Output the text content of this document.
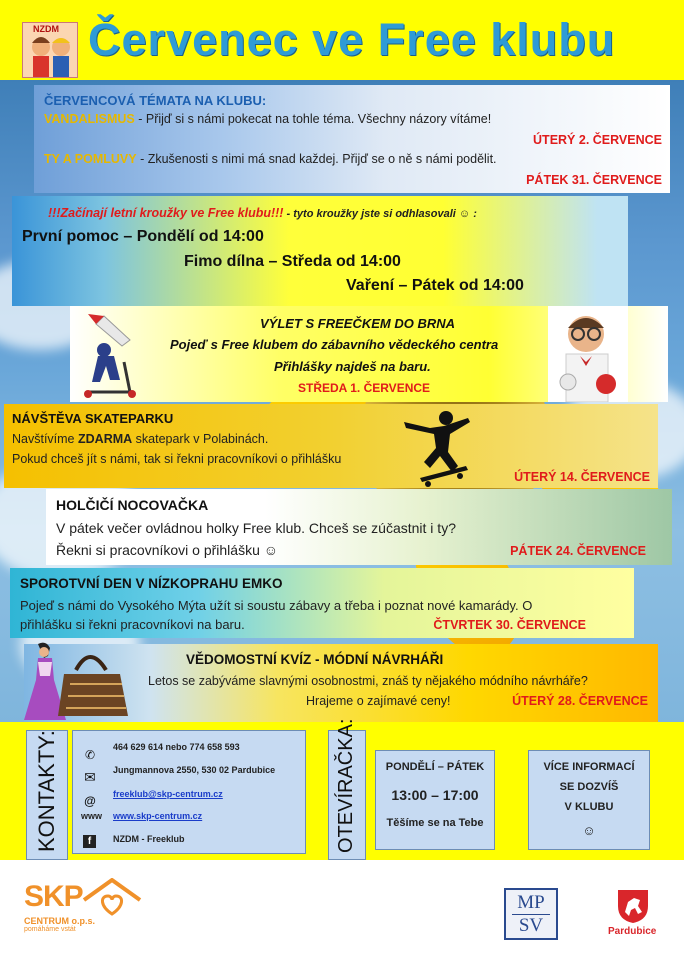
NZDM Červenec ve Free klubu
ČERVENCOVÁ TÉMATA NA KLUBU:
VANDALISMUS - Přijď si s námi pokecat na tohle téma. Všechny názory vítáme!
ÚTERÝ 2. ČERVENCE
TY A POMLUVY - Zkušenosti s nimi má snad každej. Přijď se o ně s námi podělit.
PÁTEK 31. ČERVENCE
!!!Začínají letní kroužky ve Free klubu!!! - tyto kroužky jste si odhlasovali ☺ :
První pomoc – Pondělí od 14:00
Fimo dílna – Středa od 14:00
Vaření – Pátek od 14:00
VÝLET S FREEČKEM DO BRNA
Pojeď s Free klubem do zábavního vědeckého centra
Přihlášky najdeš na baru.
STŘEDA 1. ČERVENCE
NÁVŠTĚVA SKATEPARKU
Navštívíme ZDARMA skatepark v Polabinách.
Pokud chceš jít s námi, tak si řekni pracovníkovi o přihlášku
ÚTERÝ 14. ČERVENCE
HOLČIČÍ NOCOVAČKA
V pátek večer ovládnou holky Free klub. Chceš se zúčastnit i ty?
Řekni si pracovníkovi o přihlášku ☺	PÁTEK 24. ČERVENCE
SPOROTVNÍ DEN V NÍZKOPRAHU EMKO
Pojeď s námi do Vysokého Mýta užít si soustu zábavy a třeba i poznat nové kamarády. O
přihlášku si řekni pracovníkovi na baru.	ČTVRTEK 30. ČERVENCE
VĚDOMOSTNÍ KVÍZ - MÓDNÍ NÁVRHÁŘI
Letos se zabýváme slavnými osobnostmi, znáš ty nějakého módního návrháře?
Hrajeme o zajímavé ceny!	ÚTERÝ 28. ČERVENCE
KONTAKTY:	✆
464 629 614 nebo 774 658 593
✉	Jungmannova 2550, 530 02 Pardubice
@	freeklub@skp-centrum.cz
www www.skp-centrum.cz
f	NZDM - Freeklub	OTEVÍRAČKA:	PONDĚLÍ – PÁTEK
13:00 – 17:00
Těšíme se na Tebe
VÍCE INFORMACÍ
SE DOZVÍŠ
V KLUBU
☺
SKP
CENTRUM o.p.s.
pomáháme vstát
MP
SV	Pardubice
